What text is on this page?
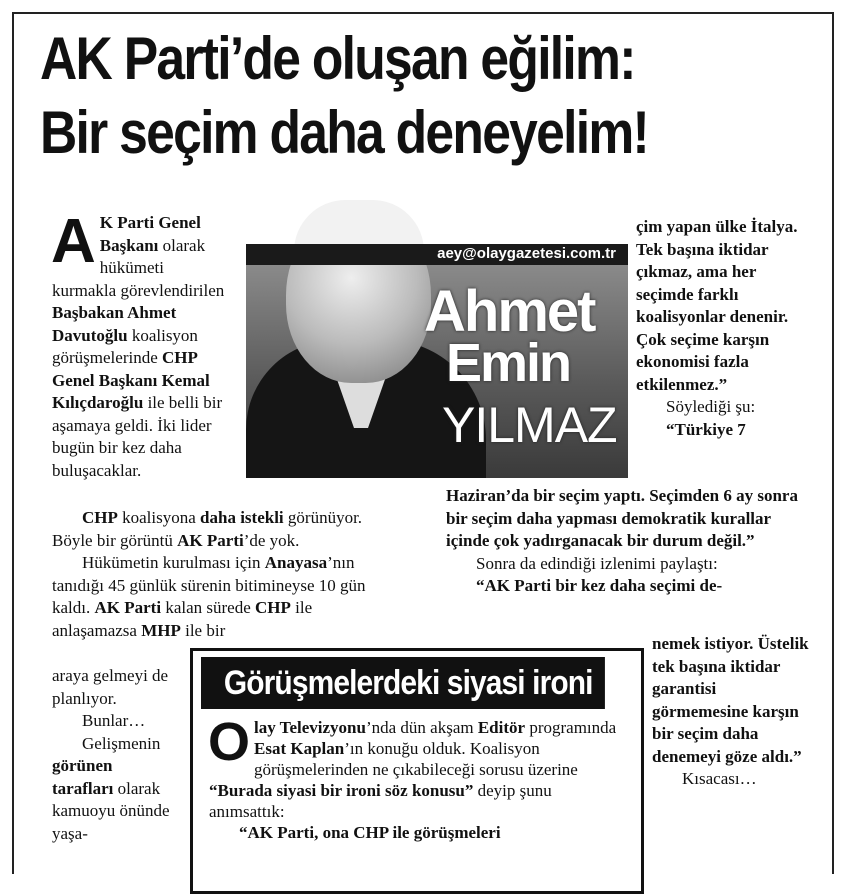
AK Parti’de oluşan eğilim:
Bir seçim daha deneyelim!

A K Parti Genel Başkanı olarak hükümeti kurmakla görevlendirilen Başbakan Ahmet Davutoğlu koalisyon görüşmelerinde CHP Genel Başkanı Kemal Kılıçdaroğlu ile belli bir aşamaya geldi. İki lider bugün bir kez daha buluşacaklar.

CHP koalisyona daha istekli görünüyor. Böyle bir görüntü AK Parti’de yok.

Hükümetin kurulması için Anayasa’nın tanıdığı 45 günlük sürenin bitimineyse 10 gün kaldı. AK Parti kalan sürede CHP ile anlaşamazsa MHP ile bir

araya gelmeyi de planlıyor.

Bunlar…

Gelişmenin görünen tarafları olarak kamuoyu önünde yaşa-

aey@olaygazetesi.com.tr
Ahmet
Emin
YILMAZ

çim yapan ülke İtalya. Tek başına iktidar çıkmaz, ama her seçimde farklı koalisyonlar denenir. Çok seçime karşın ekonomisi fazla etkilenmez.”

Söylediği şu:

“Türkiye 7

Haziran’da bir seçim yaptı. Seçimden 6 ay sonra bir seçim daha yapması demokratik kurallar içinde çok yadırganacak bir durum değil.”

Sonra da edindiği izlenimi paylaştı:

“AK Parti bir kez daha seçimi de-

nemek istiyor. Üstelik tek başına iktidar garantisi görmemesine karşın bir seçim daha denemeyi göze aldı.”

Kısacası…

Görüşmelerdeki siyasi ironi

Olay Televizyonu’nda dün akşam Editör programında Esat Kaplan’ın konuğu olduk. Koalisyon görüşmelerinden ne çıkabileceği sorusu üzerine “Burada siyasi bir ironi söz konusu” deyip şunu anımsattık:

“AK Parti, ona CHP ile görüşmeleri
